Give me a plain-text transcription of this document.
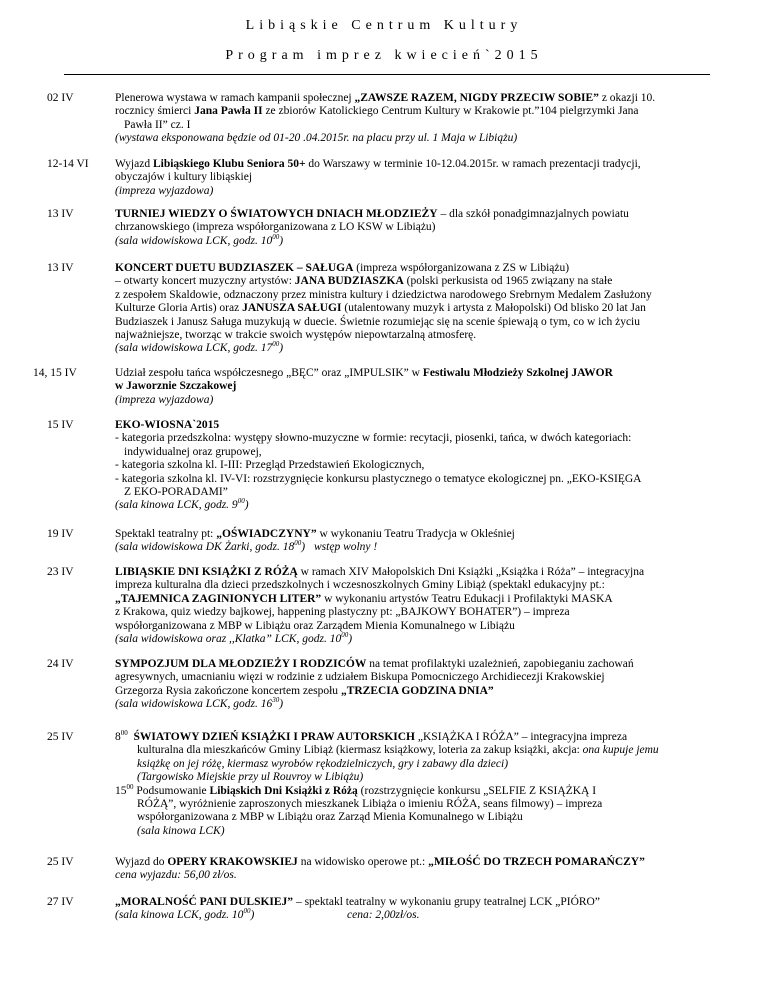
Libiąskie Centrum Kultury
Program imprez kwiecień`2015
02 IV	Plenerowa wystawa w ramach kampanii społecznej „ZAWSZE RAZEM, NIGDY PRZECIW SOBIE” z okazji 10.
rocznicy śmierci Jana Pawła II ze zbiorów Katolickiego Centrum Kultury w Krakowie pt.”104 pielgrzymki Jana
Pawła II” cz. I
(wystawa eksponowana będzie od 01-20 .04.2015r. na placu przy ul. 1 Maja w Libiążu)
12-14 VI	Wyjazd Libiąskiego Klubu Seniora 50+ do Warszawy w terminie 10-12.04.2015r. w ramach prezentacji tradycji,
obyczajów i kultury libiąskiej
(impreza wyjazdowa)
13 IV	TURNIEJ WIEDZY O ŚWIATOWYCH DNIACH MŁODZIEŻY – dla szkół ponadgimnazjalnych powiatu
chrzanowskiego (impreza współorganizowana z LO KSW w Libiążu)
(sala widowiskowa LCK, godz. $10^{00}$)
13 IV	KONCERT DUETU BUDZIASZEK – SAŁUGA (impreza współorganizowana z ZS w Libiążu)
– otwarty koncert muzyczny artystów: JANA BUDZIASZKA (polski perkusista od 1965 związany na stałe
z zespołem Skaldowie, odznaczony przez ministra kultury i dziedzictwa narodowego Srebrnym Medalem Zasłużony
Kulturze Gloria Artis) oraz JANUSZA SAŁUGI (utalentowany muzyk i artysta z Małopolski) Od blisko 20 lat Jan
Budziaszek i Janusz Saługa muzykują w duecie. Świetnie rozumiejąc się na scenie śpiewają o tym, co w ich życiu
najważniejsze, tworząc w trakcie swoich występów niepowtarzalną atmosferę.
(sala widowiskowa LCK, godz. $17^{00}$)
14, 15 IV	Udział zespołu tańca współczesnego „BĘC” oraz „IMPULSIK” w Festiwalu Młodzieży Szkolnej JAWOR
w Jaworznie Szczakowej
(impreza wyjazdowa)
15 IV	EKO-WIOSNA`2015
- kategoria przedszkolna: występy słowno-muzyczne w formie: recytacji, piosenki, tańca, w dwóch kategoriach:
indywidualnej oraz grupowej,
- kategoria szkolna kl. I-III: Przegląd Przedstawień Ekologicznych,
- kategoria szkolna kl. IV-VI: rozstrzygnięcie konkursu plastycznego o tematyce ekologicznej pn. „EKO-KSIĘGA
Z EKO-PORADAMI”
(sala kinowa LCK, godz. $9^{00}$)
19 IV	Spektakl teatralny pt: „OŚWIADCZYNY” w wykonaniu Teatru Tradycja w Okleśniej
(sala widowiskowa DK Żarki, godz. $18^{00}$) wstęp wolny !
23 IV	LIBIĄSKIE DNI KSIĄŻKI Z RÓŻĄ w ramach XIV Małopolskich Dni Książki „Książka i Róża” – integracyjna
impreza kulturalna dla dzieci przedszkolnych i wczesnoszkolnych Gminy Libiąż (spektakl edukacyjny pt.:
„TAJEMNICA ZAGINIONYCH LITER” w wykonaniu artystów Teatru Edukacji i Profilaktyki MASKA
z Krakowa, quiz wiedzy bajkowej, happening plastyczny pt: „BAJKOWY BOHATER”) – impreza
współorganizowana z MBP w Libiążu oraz Zarządem Mienia Komunalnego w Libiążu
(sala widowiskowa oraz ,,Klatka” LCK, godz. $10^{00}$)
24 IV	SYMPOZJUM DLA MŁODZIEŻY I RODZICÓW na temat profilaktyki uzależnień, zapobieganiu zachowań
agresywnych, umacnianiu więzi w rodzinie z udziałem Biskupa Pomocniczego Archidiecezji Krakowskiej
Grzegorza Rysia zakończone koncertem zespołu „TRZECIA GODZINA DNIA”
(sala widowiskowa LCK, godz. $16^{30}$)
25 IV	$8^{00}$ ŚWIATOWY DZIEŃ KSIĄŻKI I PRAW AUTORSKICH „KSIĄŻKA I RÓŻA” – integracyjna impreza
kulturalna dla mieszkańców Gminy Libiąż (kiermasz książkowy, loteria za zakup książki, akcja: ona kupuje jemu
książkę on jej różę, kiermasz wyrobów rękodzielniczych, gry i zabawy dla dzieci)
(Targowisko Miejskie przy ul Rouvroy w Libiążu)
$15^{00}$ Podsumowanie Libiąskich Dni Książki z Różą (rozstrzygnięcie konkursu „SELFIE Z KSIĄŻKĄ I
RÓŻĄ”, wyróżnienie zaproszonych mieszkanek Libiąża o imieniu RÓŻA, seans filmowy) – impreza
współorganizowana z MBP w Libiążu oraz Zarząd Mienia Komunalnego w Libiążu
(sala kinowa LCK)
25 IV	Wyjazd do OPERY KRAKOWSKIEJ na widowisko operowe pt.: „MIŁOŚĆ DO TRZECH POMARAŃCZY”
cena wyjazdu: 56,00 zł/os.
27 IV	„MORALNOŚĆ PANI DULSKIEJ” – spektakl teatralny w wykonaniu grupy teatralnej LCK „PIÓRO”
(sala kinowa LCK, godz. $10^{00}$)	cena: 2,00zł/os.
